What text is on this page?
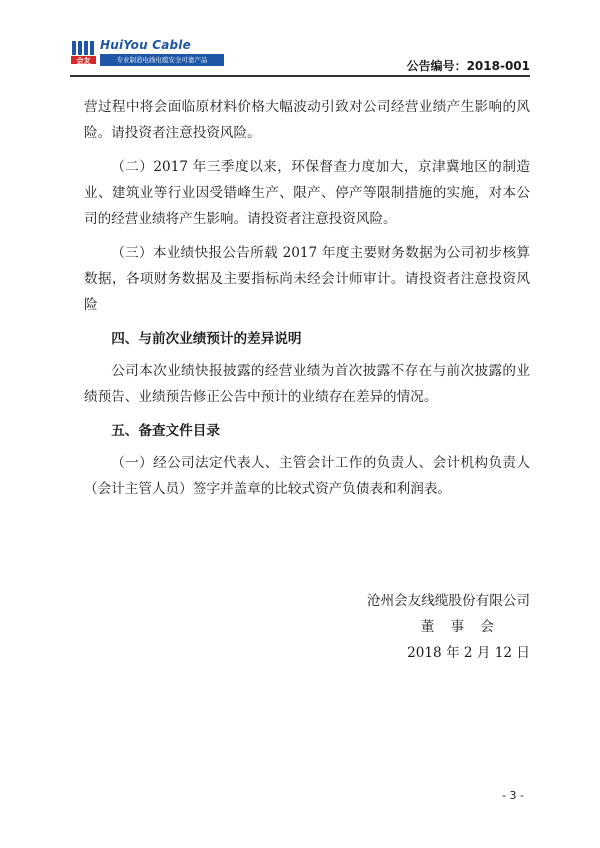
会友
HuiYou Cable
专业制造电线电缆安全可靠产品	公告编号：2018-001

营过程中将会面临原材料价格大幅波动引致对公司经营业绩产生影响的风险。请投资者注意投资风险。

（二）2017 年三季度以来，环保督查力度加大，京津冀地区的制造业、建筑业等行业因受错峰生产、限产、停产等限制措施的实施，对本公司的经营业绩将产生影响。请投资者注意投资风险。

（三）本业绩快报公告所载 2017 年度主要财务数据为公司初步核算数据，各项财务数据及主要指标尚未经会计师审计。请投资者注意投资风险

四、与前次业绩预计的差异说明

公司本次业绩快报披露的经营业绩为首次披露不存在与前次披露的业绩预告、业绩预告修正公告中预计的业绩存在差异的情况。

五、备查文件目录

（一）经公司法定代表人、主管会计工作的负责人、会计机构负责人（会计主管人员）签字并盖章的比较式资产负债表和利润表。

沧州会友线缆股份有限公司
董 事 会
2018 年 2 月 12 日
- 3 -
